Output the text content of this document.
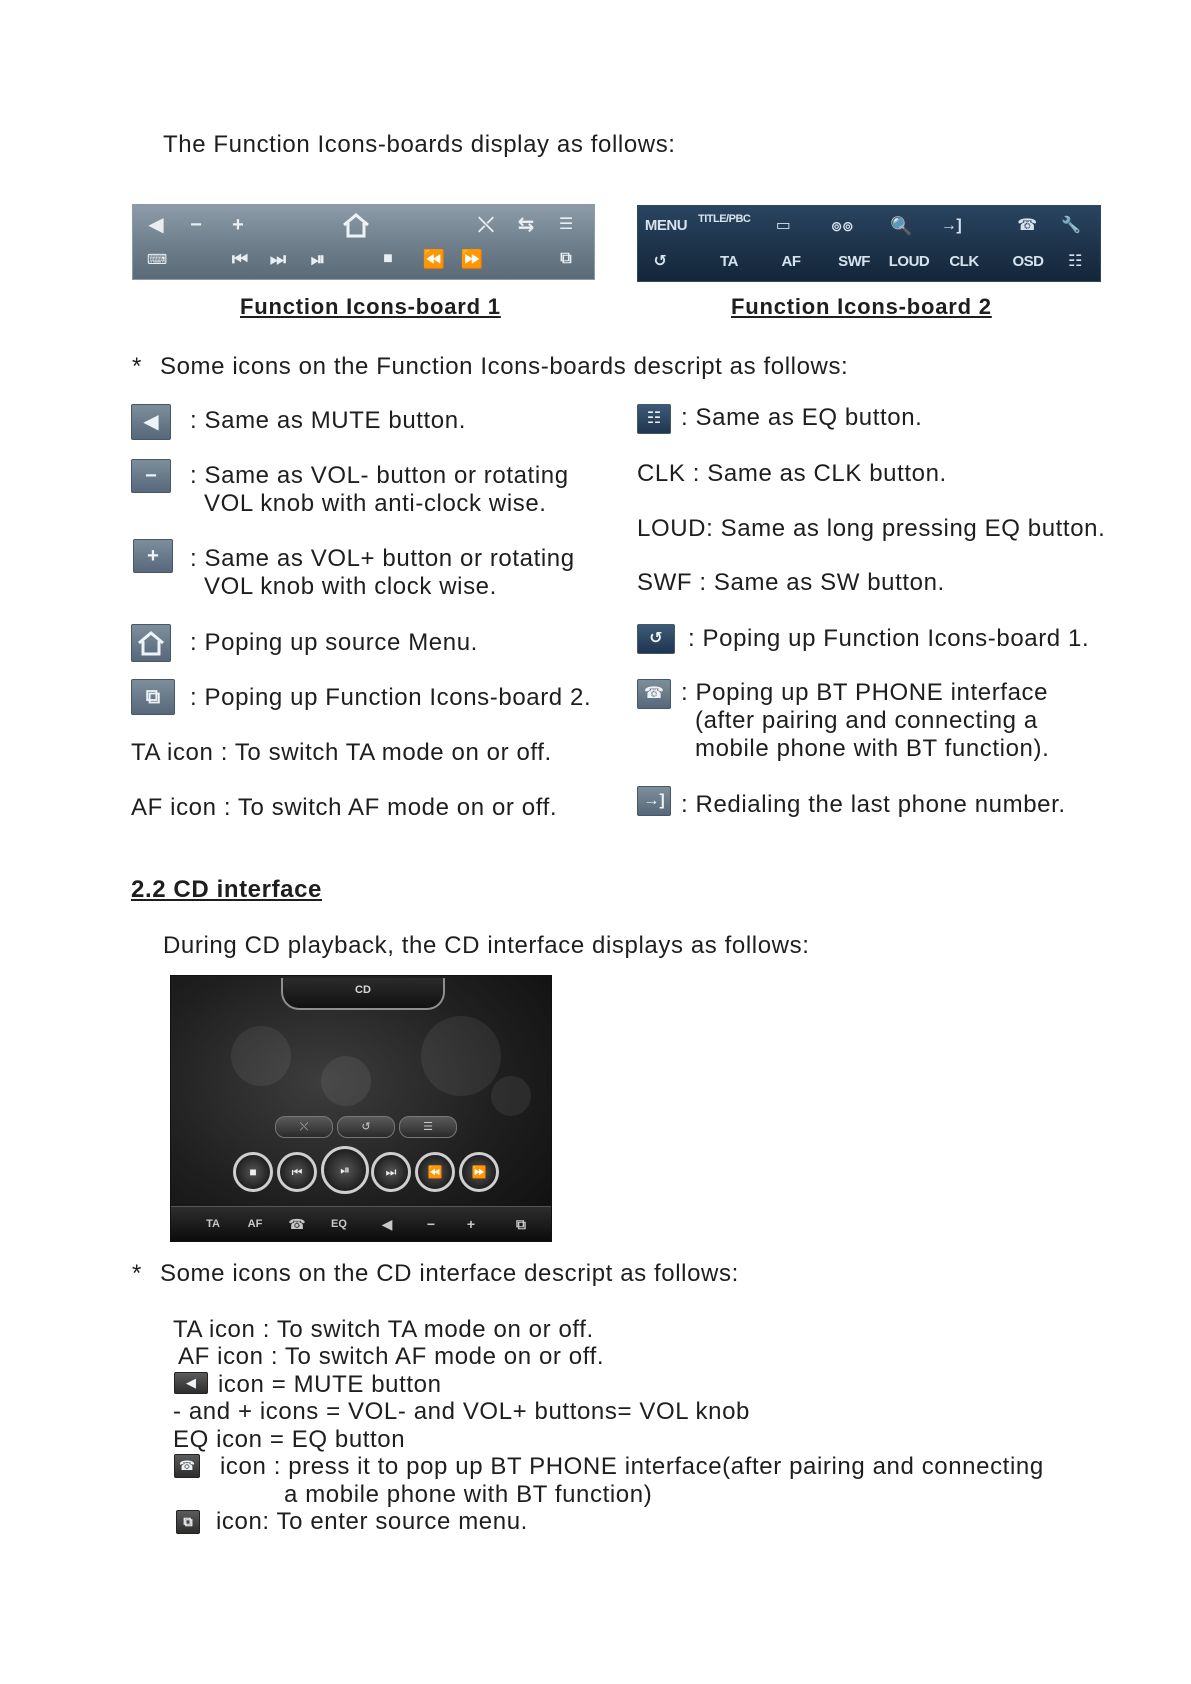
The Function Icons-boards display as follows:
◀	−	+	⤬	⇆	☰
⌨	⏮	⏭	⏯	■	⏪ ⏩	⧉
Function Icons-board 1
MENU TITLE/PBC	▭	⊚⊚	🔍	→]	☎	🔧
↺	TA	AF	SWF LOUD	CLK	OSD	☷
Function Icons-board 2
* Some icons on the Function Icons-boards descript as follows:
◀	: Same as MUTE button.
−	: Same as VOL- button or rotating
VOL knob with anti-clock wise.
+	: Same as VOL+ button or rotating
VOL knob with clock wise.
: Poping up source Menu.
⧉	: Poping up Function Icons-board 2.
TA icon : To switch TA mode on or off.
AF icon : To switch AF mode on or off.
☷ : Same as EQ button.
CLK : Same as CLK button.
LOUD: Same as long pressing EQ button.
SWF : Same as SW button.
↺	: Poping up Function Icons-board 1.
☎ : Poping up BT PHONE interface
(after pairing and connecting a
mobile phone with BT function).
→] : Redialing the last phone number.
2.2 CD interface
During CD playback, the CD interface displays as follows:
CD
⤬	↺	☰
■	⏮	⏯	⏭	⏪	⏩
TA	AF	☎	EQ	◀	−	+	⧉
* Some icons on the CD interface descript as follows:
TA icon : To switch TA mode on or off.
AF icon : To switch AF mode on or off.
◀ icon = MUTE button
- and + icons = VOL- and VOL+ buttons= VOL knob
EQ icon = EQ button
☎ icon : press it to pop up BT PHONE interface(after pairing and connecting
a mobile phone with BT function)
⧉ icon: To enter source menu.
